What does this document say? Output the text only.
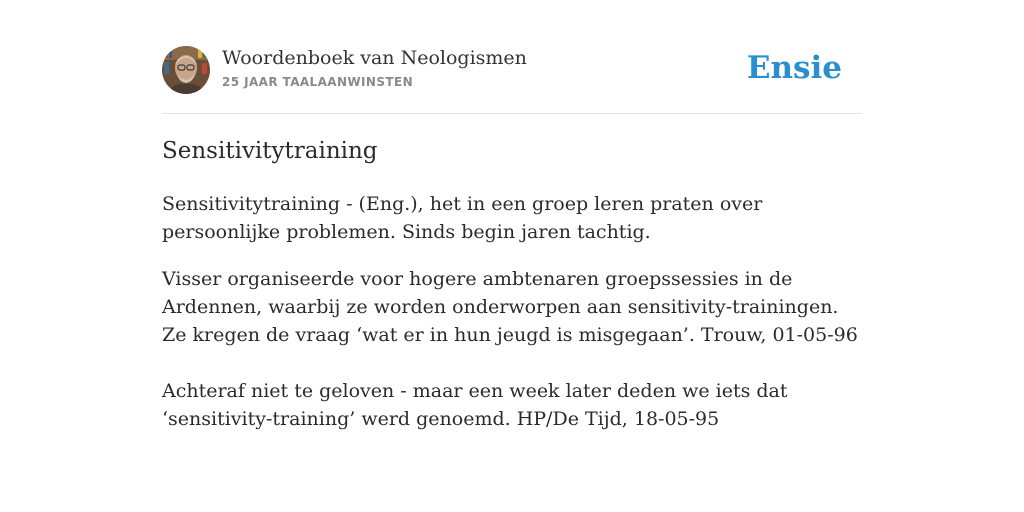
Woordenboek van Neologismen
25 JAAR TAALAANWINSTEN	Ensie
Sensitivitytraining

Sensitivitytraining - (Eng.), het in een groep leren praten over persoonlijke problemen. Sinds begin jaren tachtig.

Visser organiseerde voor hogere ambtenaren groepssessies in de Ardennen, waarbij ze worden onderworpen aan sensitivity-trainingen. Ze kregen de vraag ‘wat er in hun jeugd is misgegaan’. Trouw, 01-05-96

Achteraf niet te geloven - maar een week later deden we iets dat ‘sensitivity-training’ werd genoemd. HP/De Tijd, 18-05-95
